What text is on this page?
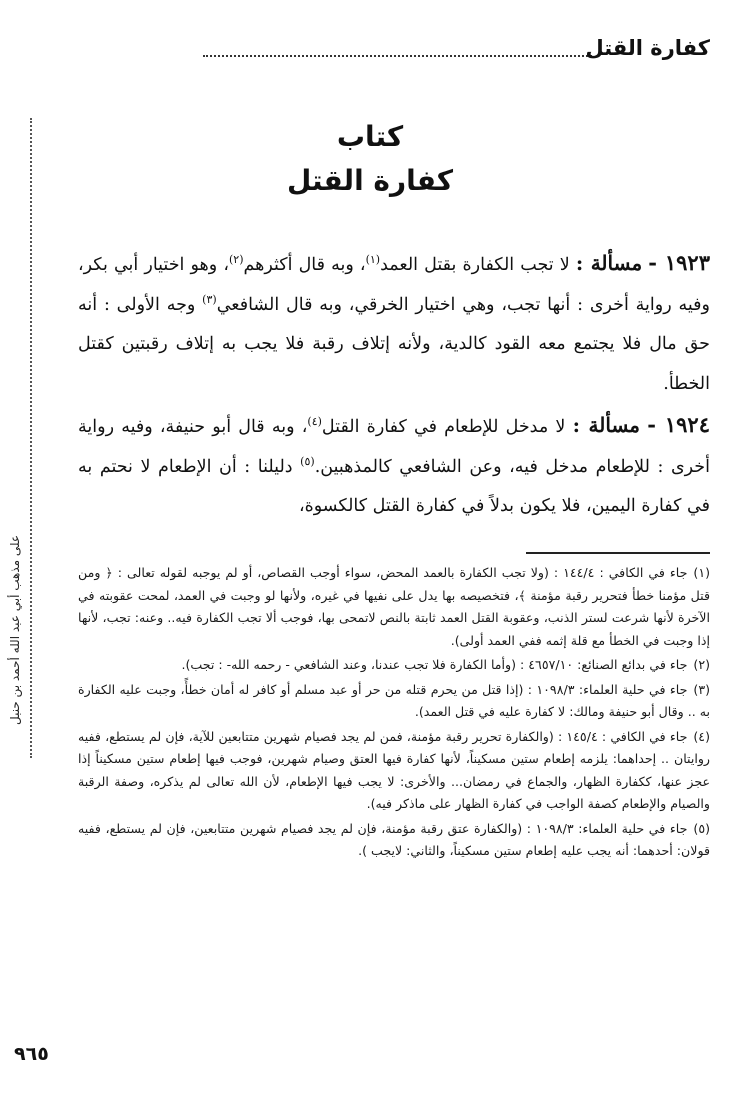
كفارة القتل
على مذهب أبي عبد الله أحمد بن حنبل
كتاب
كفارة القتل

١٩٢٣ - مسألة : لا تجب الكفارة بقتل العمد$^{(١)}$، وبه قال أكثرهم$^{(٢)}$، وهو اختيار أبي بكر، وفيه رواية أخرى : أنها تجب، وهي اختيار الخرقي، وبه قال الشافعي$^{(٣)}$ وجه الأولى : أنه حق مال فلا يجتمع معه القود كالدية، ولأنه إتلاف رقبة فلا يجب به إتلاف رقبتين كقتل الخطأ.

١٩٢٤ - مسألة : لا مدخل للإطعام في كفارة القتل$^{(٤)}$، وبه قال أبو حنيفة، وفيه رواية أخرى : للإطعام مدخل فيه، وعن الشافعي كالمذهبين.$^{(٥)}$ دليلنا : أن الإطعام لا نحتم به في كفارة اليمين، فلا يكون بدلاً في كفارة القتل كالكسوة،

(١)جاء في الكافي : ١٤٤/٤ : (ولا تجب الكفارة بالعمد المحض، سواء أوجب القصاص، أو لم يوجبه لقوله تعالى : ﴿ ومن قتل مؤمنا خطأ فتحرير رقبة مؤمنة ﴾، فتخصيصه بها يدل على نفيها في غيره، ولأنها لو وجبت في العمد، لمحت عقوبته في الآخرة لأنها شرعت لستر الذنب، وعقوبة القتل العمد ثابتة بالنص لاتمحى بها، فوجب ألا تجب الكفارة فيه.. وعنه: تجب، لأنها إذا وجبت في الخطأ مع قلة إثمه ففي العمد أولى).

(٢)جاء في بدائع الصنائع: ٤٦٥٧/١٠ : (وأما الكفارة فلا تجب عندنا، وعند الشافعي - رحمه الله- : تجب).

(٣)جاء في حلية العلماء: ١٠٩٨/٣ : (إذا قتل من يحرم قتله من حر أو عبد مسلم أو كافر له أمان خطأً، وجبت عليه الكفارة به .. وقال أبو حنيفة ومالك: لا كفارة عليه في قتل العمد).

(٤)جاء في الكافي : ١٤٥/٤ : (والكفارة تحرير رقبة مؤمنة، فمن لم يجد فصيام شهرين متتابعين للآية، فإن لم يستطع، ففيه روايتان .. إحداهما: يلزمه إطعام ستين مسكيناً، لأنها كفارة فيها العتق وصيام شهرين، فوجب فيها إطعام ستين مسكيناً إذا عجز عنها، ككفارة الظهار، والجماع في رمضان... والأخرى: لا يجب فيها الإطعام، لأن الله تعالى لم يذكره، وصفة الرقبة والصيام والإطعام كصفة الواجب في كفارة الظهار على ماذكر فيه).

(٥)جاء في حلية العلماء: ١٠٩٨/٣ : (والكفارة عتق رقبة مؤمنة، فإن لم يجد فصيام شهرين متتابعين، فإن لم يستطع، ففيه قولان: أحدهما: أنه يجب عليه إطعام ستين مسكيناً، والثاني: لايجب ).

٩٦٥
